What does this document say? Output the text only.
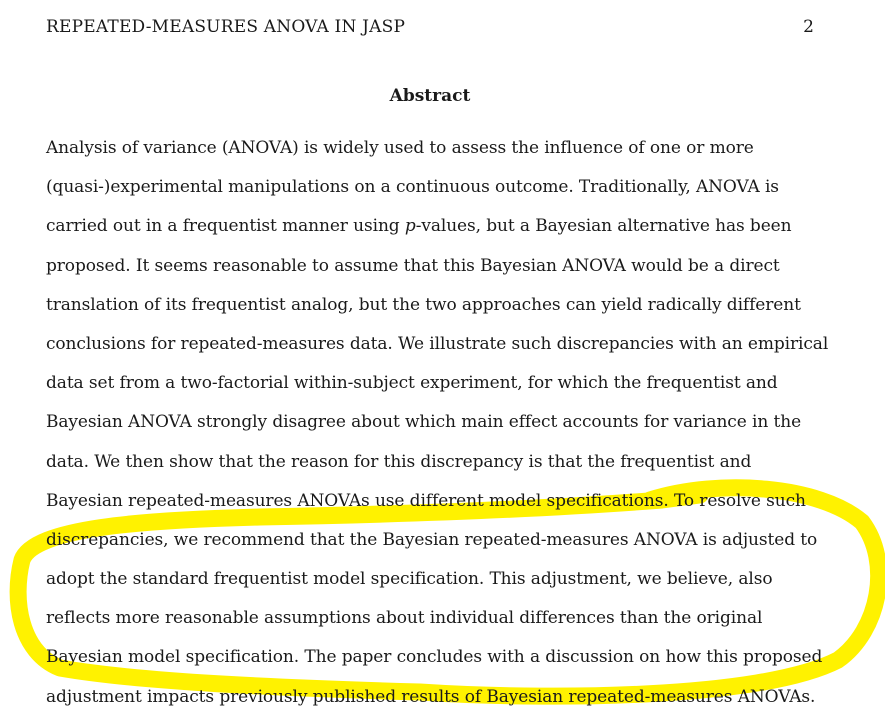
REPEATED-MEASURES ANOVA IN JASP	2
Abstract
Analysis of variance (ANOVA) is widely used to assess the influence of one or more
(quasi-)experimental manipulations on a continuous outcome. Traditionally, ANOVA is
carried out in a frequentist manner using p-values, but a Bayesian alternative has been
proposed. It seems reasonable to assume that this Bayesian ANOVA would be a direct
translation of its frequentist analog, but the two approaches can yield radically different
conclusions for repeated-measures data. We illustrate such discrepancies with an empirical
data set from a two-factorial within-subject experiment, for which the frequentist and
Bayesian ANOVA strongly disagree about which main effect accounts for variance in the
data. We then show that the reason for this discrepancy is that the frequentist and
Bayesian repeated-measures ANOVAs use different model specifications. To resolve such
discrepancies, we recommend that the Bayesian repeated-measures ANOVA is adjusted to
adopt the standard frequentist model specification. This adjustment, we believe, also
reflects more reasonable assumptions about individual differences than the original
Bayesian model specification. The paper concludes with a discussion on how this proposed
adjustment impacts previously published results of Bayesian repeated-measures ANOVAs.
